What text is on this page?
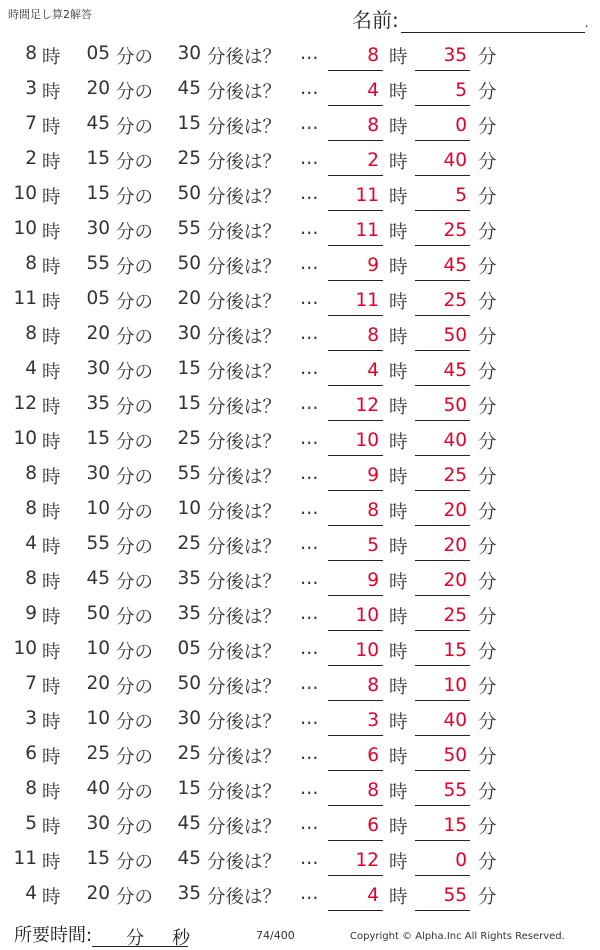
時間足し算2解答	名前:	.
8 時	05 分の	30 分後は？ …	8 時	35 分
3 時	20 分の	45 分後は？ …	4 時	5 分
7 時	45 分の	15 分後は？ …	8 時	0 分
2 時	15 分の	25 分後は？ …	2 時	40 分
10 時	15 分の	50 分後は？ …	11 時	5 分
10 時	30 分の	55 分後は？ …	11 時	25 分
8 時	55 分の	50 分後は？ …	9 時	45 分
11 時	05 分の	20 分後は？ …	11 時	25 分
8 時	20 分の	30 分後は？ …	8 時	50 分
4 時	30 分の	15 分後は？ …	4 時	45 分
12 時	35 分の	15 分後は？ …	12 時	50 分
10 時	15 分の	25 分後は？ …	10 時	40 分
8 時	30 分の	55 分後は？ …	9 時	25 分
8 時	10 分の	10 分後は？ …	8 時	20 分
4 時	55 分の	25 分後は？ …	5 時	20 分
8 時	45 分の	35 分後は？ …	9 時	20 分
9 時	50 分の	35 分後は？ …	10 時	25 分
10 時	10 分の	05 分後は？ …	10 時	15 分
7 時	20 分の	50 分後は？ …	8 時	10 分
3 時	10 分の	30 分後は？ …	3 時	40 分
6 時	25 分の	25 分後は？ …	6 時	50 分
8 時	40 分の	15 分後は？ …	8 時	55 分
5 時	30 分の	45 分後は？ …	6 時	15 分
11 時	15 分の	45 分後は？ …	12 時	0 分
4 時	20 分の	35 分後は？ …	4 時	55 分
所要時間: 分 秒	74/400	Copyright © Alpha.Inc All Rights Reserved.
